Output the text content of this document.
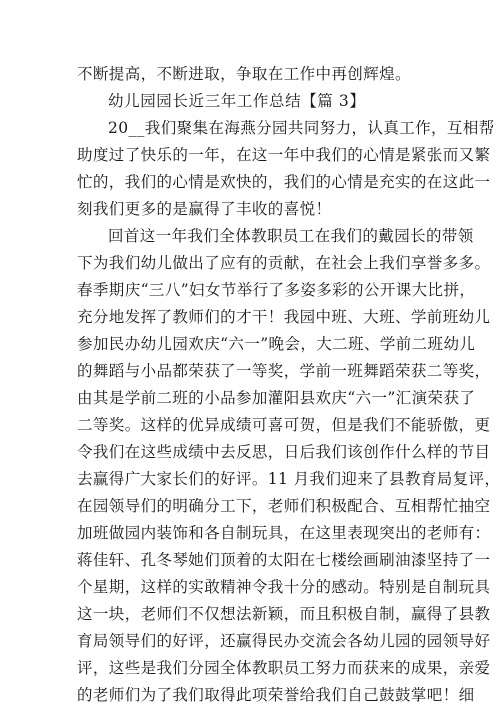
不断提高，不断进取，争取在工作中再创辉煌。
幼儿园园长近三年工作总结【篇 3】
20__我们聚集在海燕分园共同努力，认真工作，互相帮
助度过了快乐的一年，在这一年中我们的心情是紧张而又繁
忙的，我们的心情是欢快的，我们的心情是充实的在这此一
刻我们更多的是赢得了丰收的喜悦！
回首这一年我们全体教职员工在我们的戴园长的带领
下为我们幼儿做出了应有的贡献，在社会上我们享誉多多。
春季期庆“三八”妇女节举行了多姿多彩的公开课大比拼，
充分地发挥了教师们的才干！我园中班、大班、学前班幼儿
参加民办幼儿园欢庆“六一”晚会，大二班、学前二班幼儿
的舞蹈与小品都荣获了一等奖，学前一班舞蹈荣获二等奖，
由其是学前二班的小品参加灌阳县欢庆“六一”汇演荣获了
二等奖。这样的优异成绩可喜可贺，但是我们不能骄傲，更
令我们在这些成绩中去反思，日后我们该创作什么样的节目
去赢得广大家长们的好评。11 月我们迎来了县教育局复评，
在园领导们的明确分工下，老师们积极配合、互相帮忙抽空
加班做园内装饰和各自制玩具，在这里表现突出的老师有：
蒋佳轩、孔冬琴她们顶着的太阳在七楼绘画刷油漆坚持了一
个星期，这样的实敢精神令我十分的感动。特别是自制玩具
这一块，老师们不仅想法新颖，而且积极自制，赢得了县教
育局领导们的好评，还赢得民办交流会各幼儿园的园领导好
评，这些是我们分园全体教职员工努力而获来的成果，亲爱
的老师们为了我们取得此项荣誉给我们自己鼓鼓掌吧！细
